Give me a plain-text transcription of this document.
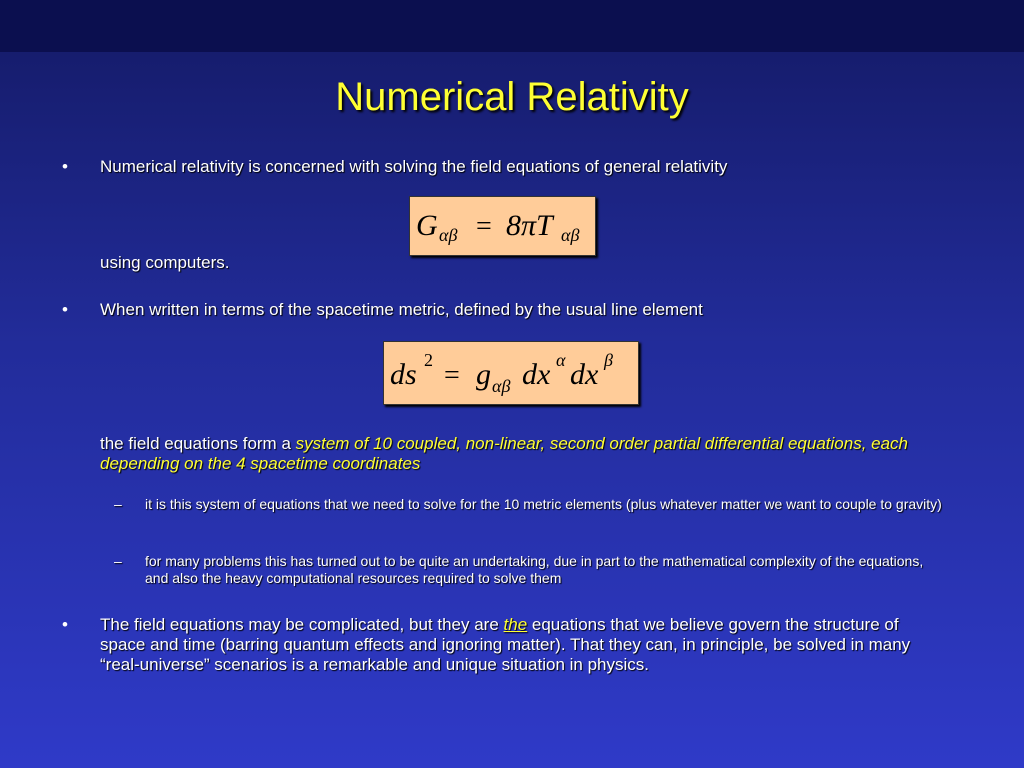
Numerical Relativity
• Numerical relativity is concerned with solving the field equations of general relativity
G αβ = 8πT αβ
using computers.
• When written in terms of the spacetime metric, defined by the usual line element
ds 2 = g αβ dx α dx β
the field equations form a system of 10 coupled, non-linear, second order partial differential equations, each depending on the 4 spacetime coordinates
– it is this system of equations that we need to solve for the 10 metric elements (plus whatever matter we want to couple to gravity)
– for many problems this has turned out to be quite an undertaking, due in part to the mathematical complexity of the equations, and also the heavy computational resources required to solve them
• The field equations may be complicated, but they are the equations that we believe govern the structure of space and time (barring quantum effects and ignoring matter). That they can, in principle, be solved in many “real-universe” scenarios is a remarkable and unique situation in physics.
